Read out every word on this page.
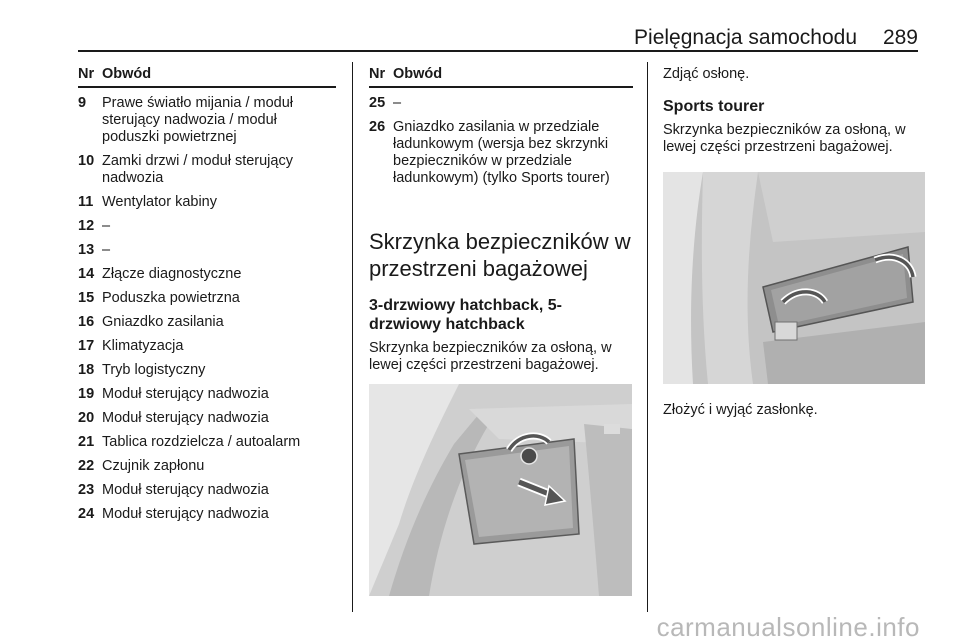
Pielęgnacja samochodu 289
Nr Obwód
9	Prawe światło mijania / moduł sterujący nadwozia / moduł poduszki powietrznej
10 Zamki drzwi / moduł sterujący nadwozia
11 Wentylator kabiny
12 –
13 –
14 Złącze diagnostyczne
15 Poduszka powietrzna
16 Gniazdko zasilania
17 Klimatyzacja
18 Tryb logistyczny
19 Moduł sterujący nadwozia
20 Moduł sterujący nadwozia
21 Tablica rozdzielcza / autoalarm
22 Czujnik zapłonu
23 Moduł sterujący nadwozia
24 Moduł sterujący nadwozia
Nr Obwód
25 –
26 Gniazdko zasilania w przedziale ładunkowym (wersja bez skrzynki bezpieczników w przedziale ładunkowym) (tylko Sports tourer)
Skrzynka bezpieczników w przestrzeni bagażowej
3-drzwiowy hatchback, 5-drzwiowy hatchback

Skrzynka bezpieczników za osłoną, w lewej części przestrzeni bagażowej.

Zdjąć osłonę.

Sports tourer

Skrzynka bezpieczników za osłoną, w lewej części przestrzeni bagażowej.

Złożyć i wyjąć zasłonkę.

carmanualsonline.info
